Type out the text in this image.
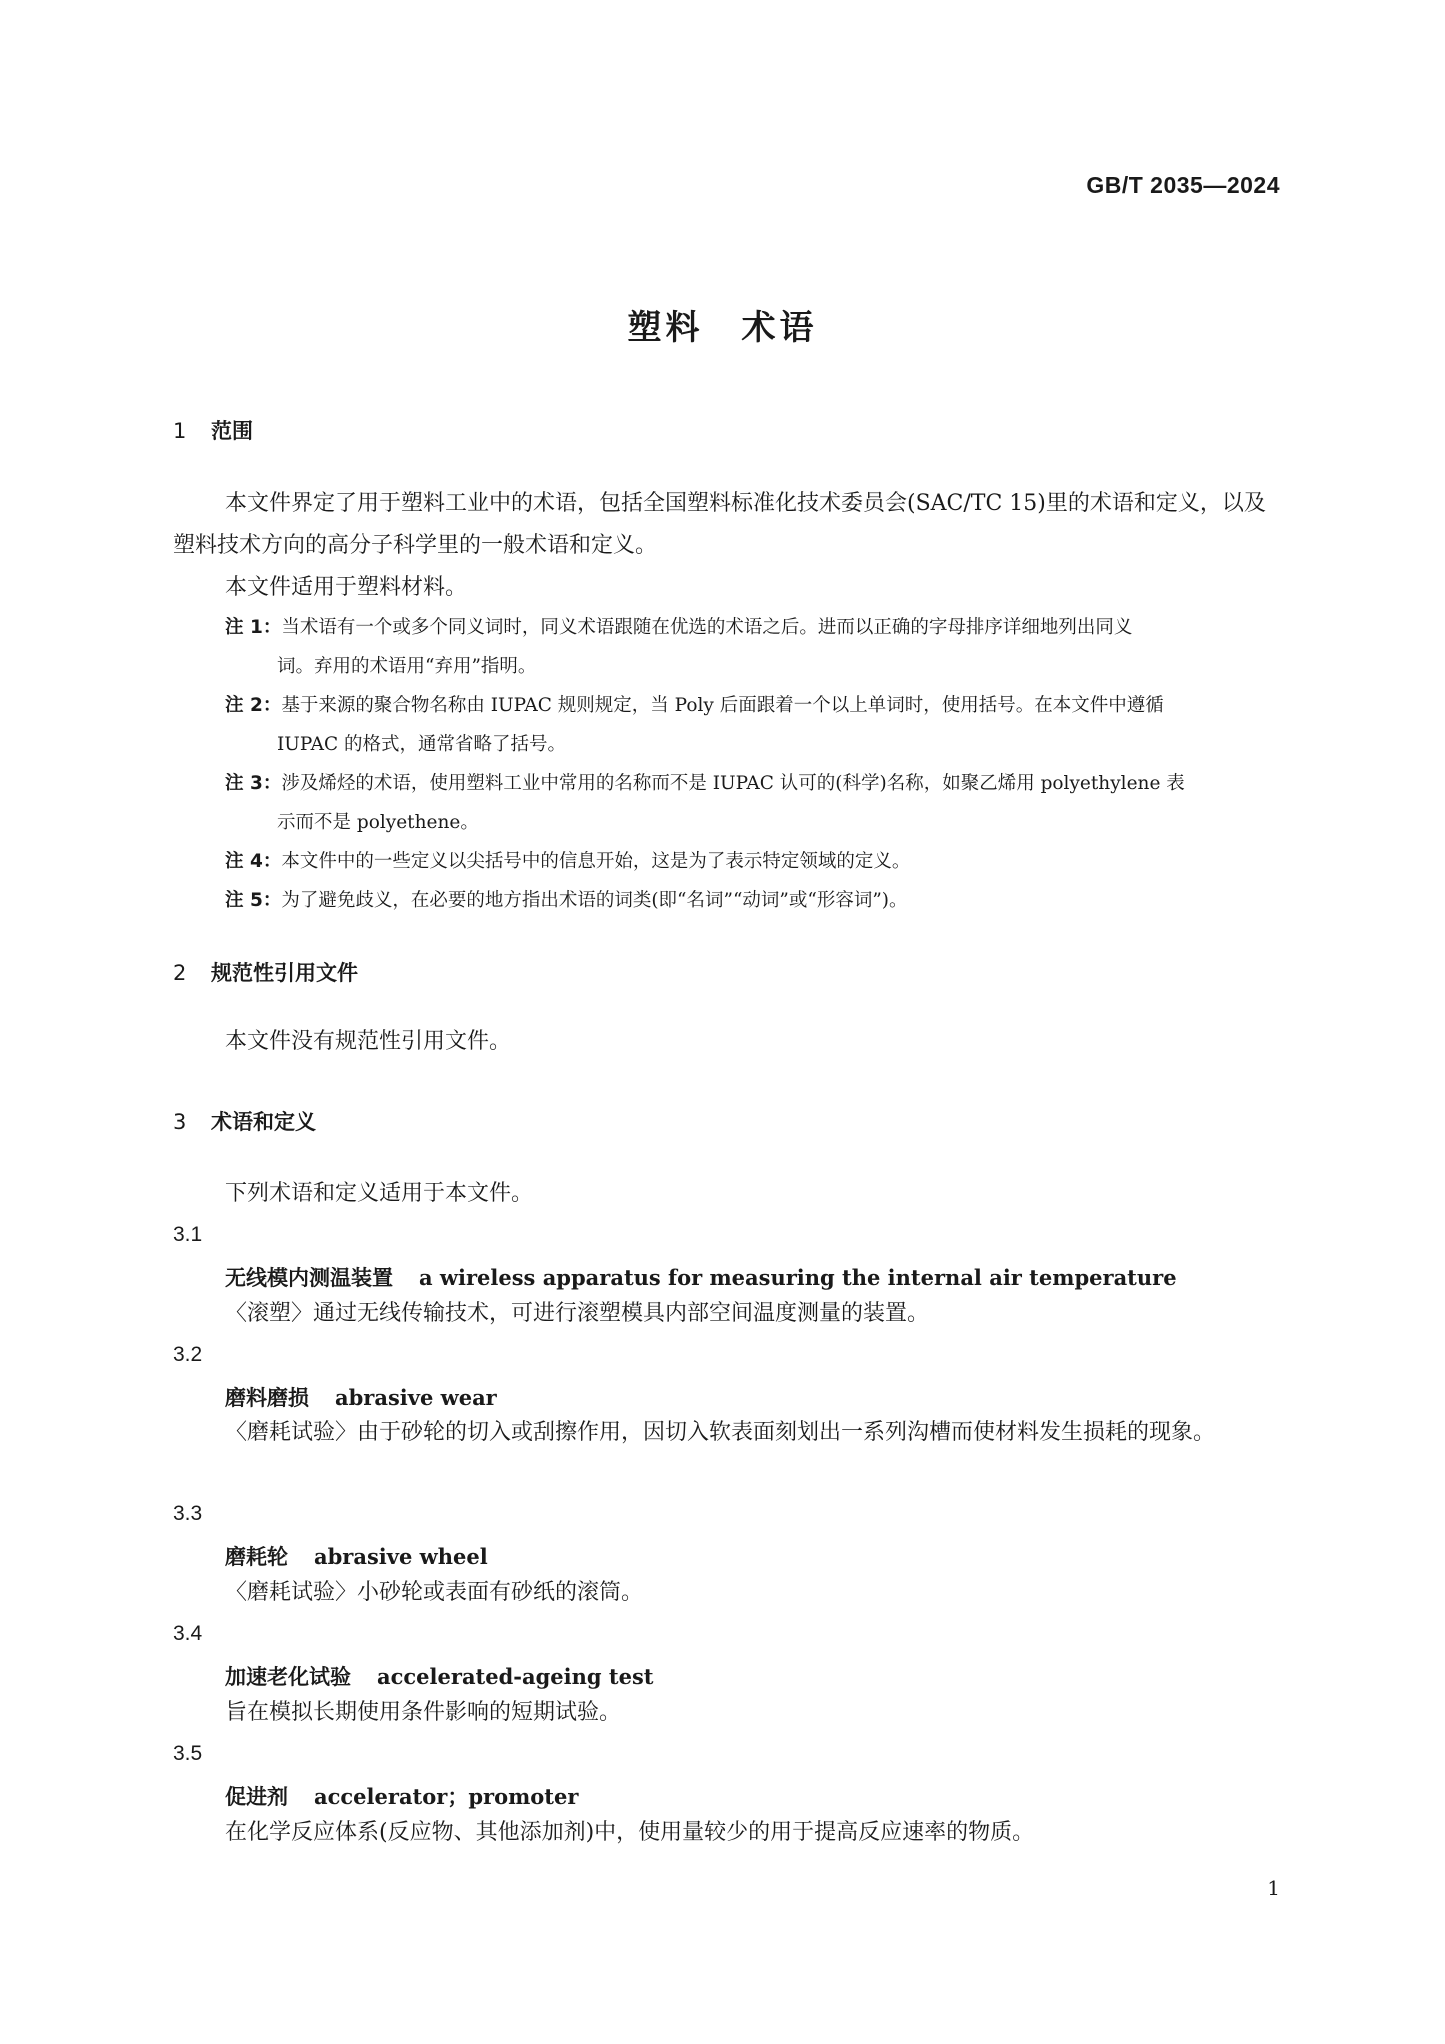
GB/T 2035—2024
塑料　术语
1 范围
本文件界定了用于塑料工业中的术语，包括全国塑料标准化技术委员会(SAC/TC 15)里的术语和定义，以及塑料技术方向的高分子科学里的一般术语和定义。
本文件适用于塑料材料。
注 1：当术语有一个或多个同义词时，同义术语跟随在优选的术语之后。进而以正确的字母排序详细地列出同义
词。弃用的术语用“弃用”指明。
注 2：基于来源的聚合物名称由 IUPAC 规则规定，当 Poly 后面跟着一个以上单词时，使用括号。在本文件中遵循
IUPAC 的格式，通常省略了括号。
注 3：涉及烯烃的术语，使用塑料工业中常用的名称而不是 IUPAC 认可的(科学)名称，如聚乙烯用 polyethylene 表
示而不是 polyethene。
注 4：本文件中的一些定义以尖括号中的信息开始，这是为了表示特定领域的定义。
注 5：为了避免歧义，在必要的地方指出术语的词类(即“名词”“动词”或“形容词”)。
2 规范性引用文件
本文件没有规范性引用文件。
3 术语和定义
下列术语和定义适用于本文件。
3.1
无线模内测温装置 a wireless apparatus for measuring the internal air temperature
〈滚塑〉通过无线传输技术，可进行滚塑模具内部空间温度测量的装置。
3.2
磨料磨损 abrasive wear
〈磨耗试验〉由于砂轮的切入或刮擦作用，因切入软表面刻划出一系列沟槽而使材料发生损耗的现象。
3.3
磨耗轮 abrasive wheel
〈磨耗试验〉小砂轮或表面有砂纸的滚筒。
3.4
加速老化试验 accelerated-ageing test
旨在模拟长期使用条件影响的短期试验。
3.5
促进剂 accelerator；promoter
在化学反应体系(反应物、其他添加剂)中，使用量较少的用于提高反应速率的物质。
1
